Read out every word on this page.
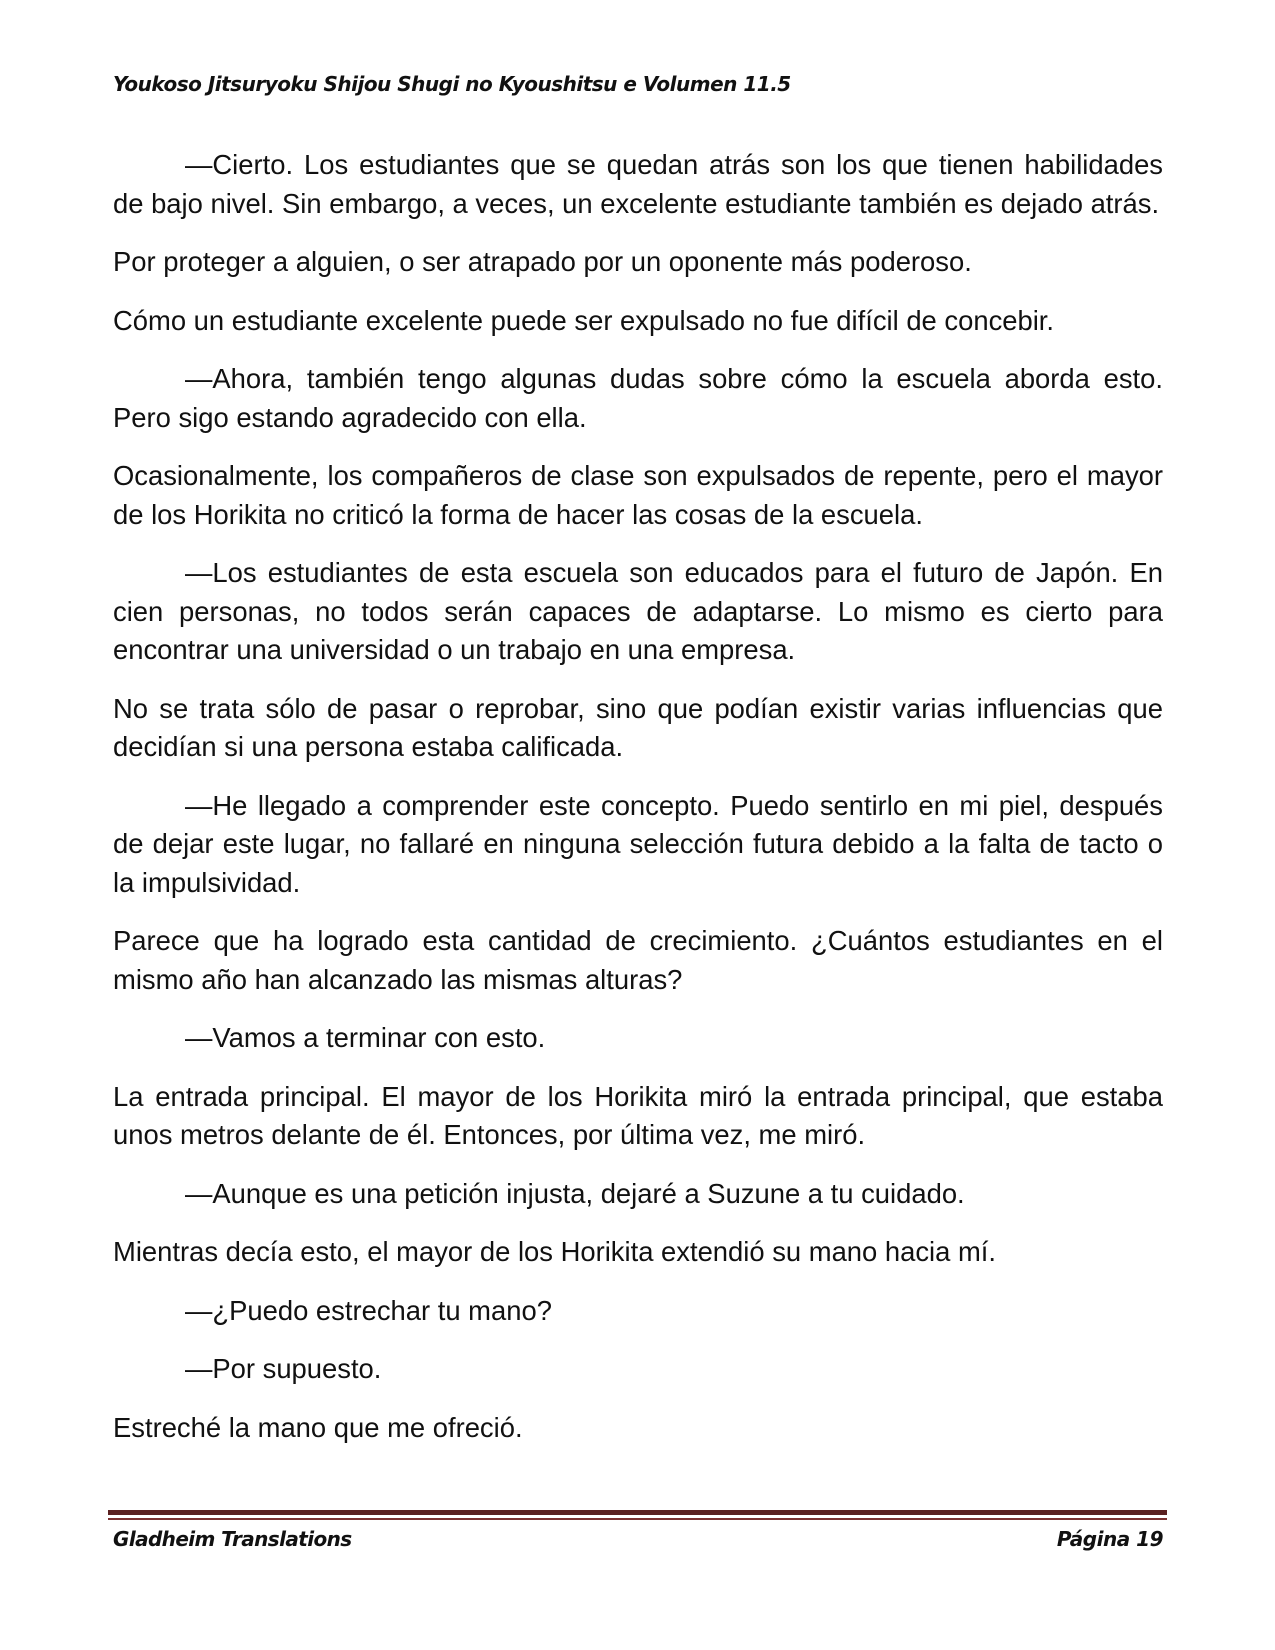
Youkoso Jitsuryoku Shijou Shugi no Kyoushitsu e Volumen 11.5

—Cierto. Los estudiantes que se quedan atrás son los que tienen habilidades de bajo nivel. Sin embargo, a veces, un excelente estudiante también es dejado atrás.

Por proteger a alguien, o ser atrapado por un oponente más poderoso.

Cómo un estudiante excelente puede ser expulsado no fue difícil de concebir.

—Ahora, también tengo algunas dudas sobre cómo la escuela aborda esto. Pero sigo estando agradecido con ella.

Ocasionalmente, los compañeros de clase son expulsados de repente, pero el mayor de los Horikita no criticó la forma de hacer las cosas de la escuela.

—Los estudiantes de esta escuela son educados para el futuro de Japón. En cien personas, no todos serán capaces de adaptarse. Lo mismo es cierto para encontrar una universidad o un trabajo en una empresa.

No se trata sólo de pasar o reprobar, sino que podían existir varias influencias que decidían si una persona estaba calificada.

—He llegado a comprender este concepto. Puedo sentirlo en mi piel, después de dejar este lugar, no fallaré en ninguna selección futura debido a la falta de tacto o la impulsividad.

Parece que ha logrado esta cantidad de crecimiento. ¿Cuántos estudiantes en el mismo año han alcanzado las mismas alturas?

—Vamos a terminar con esto.

La entrada principal. El mayor de los Horikita miró la entrada principal, que estaba unos metros delante de él. Entonces, por última vez, me miró.

—Aunque es una petición injusta, dejaré a Suzune a tu cuidado.

Mientras decía esto, el mayor de los Horikita extendió su mano hacia mí.

—¿Puedo estrechar tu mano?

—Por supuesto.

Estreché la mano que me ofreció.

Gladheim Translations	Página 19
